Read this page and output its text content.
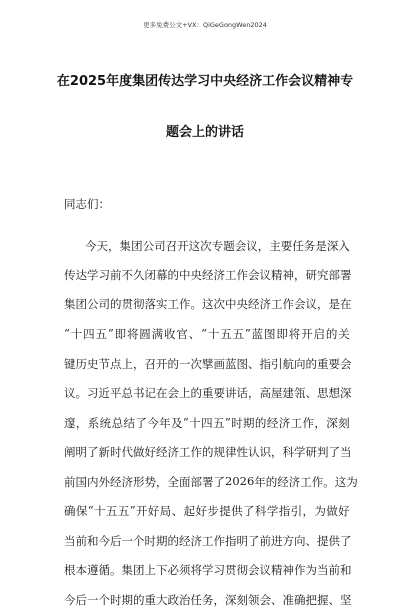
更多免费公文+VX：QiGeGongWen2024
在2025年度集团传达学习中央经济工作会议精神专
题会上的讲话
同志们：
今 天 ， 集 团 公 司 召 开 这 次 专 题 会 议 ， 主 要 任 务 是 深 入
传 达 学 习 前 不 久 闭 幕 的 中 央 经 济 工 作 会 议 精 神 ， 研 究 部 署
集 团 公 司 的 贯 彻 落 实 工 作 。 这 次 中 央 经 济 工 作 会 议 ， 是 在
“ 十 四 五 ” 即 将 圆 满 收 官 、 “ 十 五 五 ” 蓝 图 即 将 开 启 的 关
键 历 史 节 点 上 ， 召 开 的 一 次 擘 画 蓝 图 、 指 引 航 向 的 重 要 会
议 。 习 近 平 总 书 记 在 会 上 的 重 要 讲 话 ， 高 屋 建 瓴 、 思 想 深
邃 ， 系 统 总 结 了 今 年 及 “ 十 四 五 ” 时 期 的 经 济 工 作 ， 深 刻
阐 明 了 新 时 代 做 好 经 济 工 作 的 规 律 性 认 识 ， 科 学 研 判 了 当
前 国 内 外 经 济 形 势 ， 全 面 部 署 了 2026 年 的 经 济 工 作 。 这 为
确 保 “ 十 五 五 ” 开 好 局 、 起 好 步 提 供 了 科 学 指 引 ， 为 做 好
当 前 和 今 后 一 个 时 期 的 经 济 工 作 指 明 了 前 进 方 向 、 提 供 了
根 本 遵 循 。 集 团 上 下 必 须 将 学 习 贯 彻 会 议 精 神 作 为 当 前 和
今 后 一 个 时 期 的 重 大 政 治 任 务 ， 深 刻 领 会 、 准 确 把 握 、 坚
